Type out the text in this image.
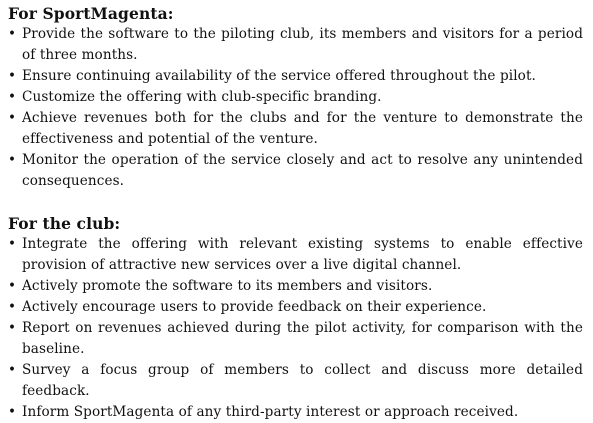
For SportMagenta:
• Provide the software to the piloting club, its members and visitors for a period of three months.
• Ensure continuing availability of the service offered throughout the pilot.
• Customize the offering with club-specific branding.
• Achieve revenues both for the clubs and for the venture to demonstrate the effectiveness and potential of the venture.
• Monitor the operation of the service closely and act to resolve any unintended consequences.
For the club:
• Integrate the offering with relevant existing systems to enable effective provision of attractive new services over a live digital channel.
• Actively promote the software to its members and visitors.
• Actively encourage users to provide feedback on their experience.
• Report on revenues achieved during the pilot activity, for comparison with the baseline.
• Survey a focus group of members to collect and discuss more detailed feedback.
• Inform SportMagenta of any third-party interest or approach received.
